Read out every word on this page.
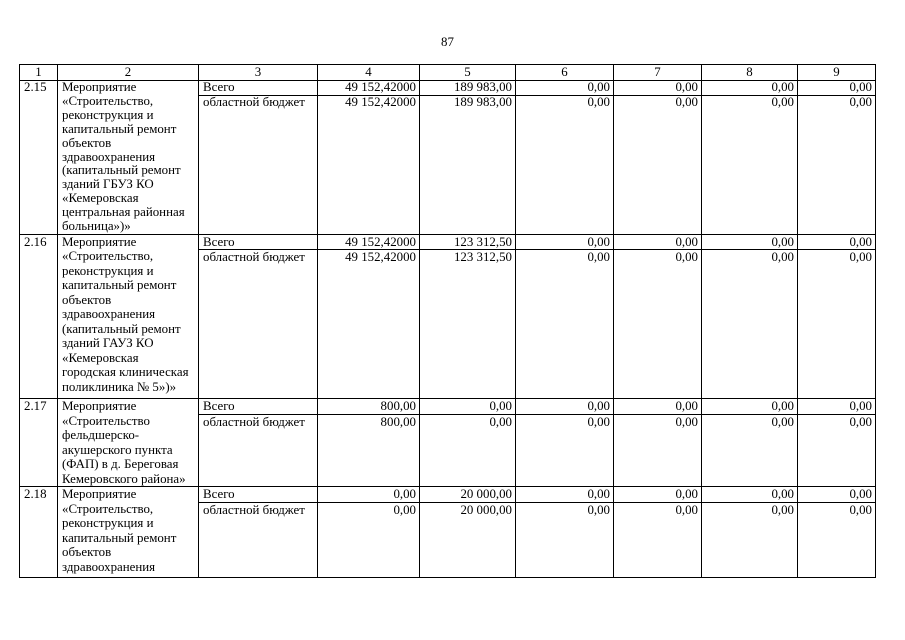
87
1	2	3	4	5	6	7	8	9
2.15	Мероприятие «Строительство, реконструкция и капитальный ремонт объектов здравоохранения (капитальный ремонт зданий ГБУЗ КО «Кемеровская центральная районная больница»)»	Всего	49 152,42000	189 983,00	0,00	0,00	0,00	0,00
		областной бюджет	49 152,42000	189 983,00	0,00	0,00	0,00	0,00
2.16	Мероприятие «Строительство, реконструкция и капитальный ремонт объектов здравоохранения (капитальный ремонт зданий ГАУЗ КО «Кемеровская городская клиническая поликлиника № 5»)»	Всего	49 152,42000	123 312,50	0,00	0,00	0,00	0,00
		областной бюджет	49 152,42000	123 312,50	0,00	0,00	0,00	0,00
2.17	Мероприятие «Строительство фельдшерско-акушерского пункта (ФАП) в д. Береговая Кемеровского района»	Всего	800,00	0,00	0,00	0,00	0,00	0,00
		областной бюджет	800,00	0,00	0,00	0,00	0,00	0,00
2.18	Мероприятие «Строительство, реконструкция и капитальный ремонт объектов здравоохранения	Всего	0,00	20 000,00	0,00	0,00	0,00	0,00
		областной бюджет	0,00	20 000,00	0,00	0,00	0,00	0,00
